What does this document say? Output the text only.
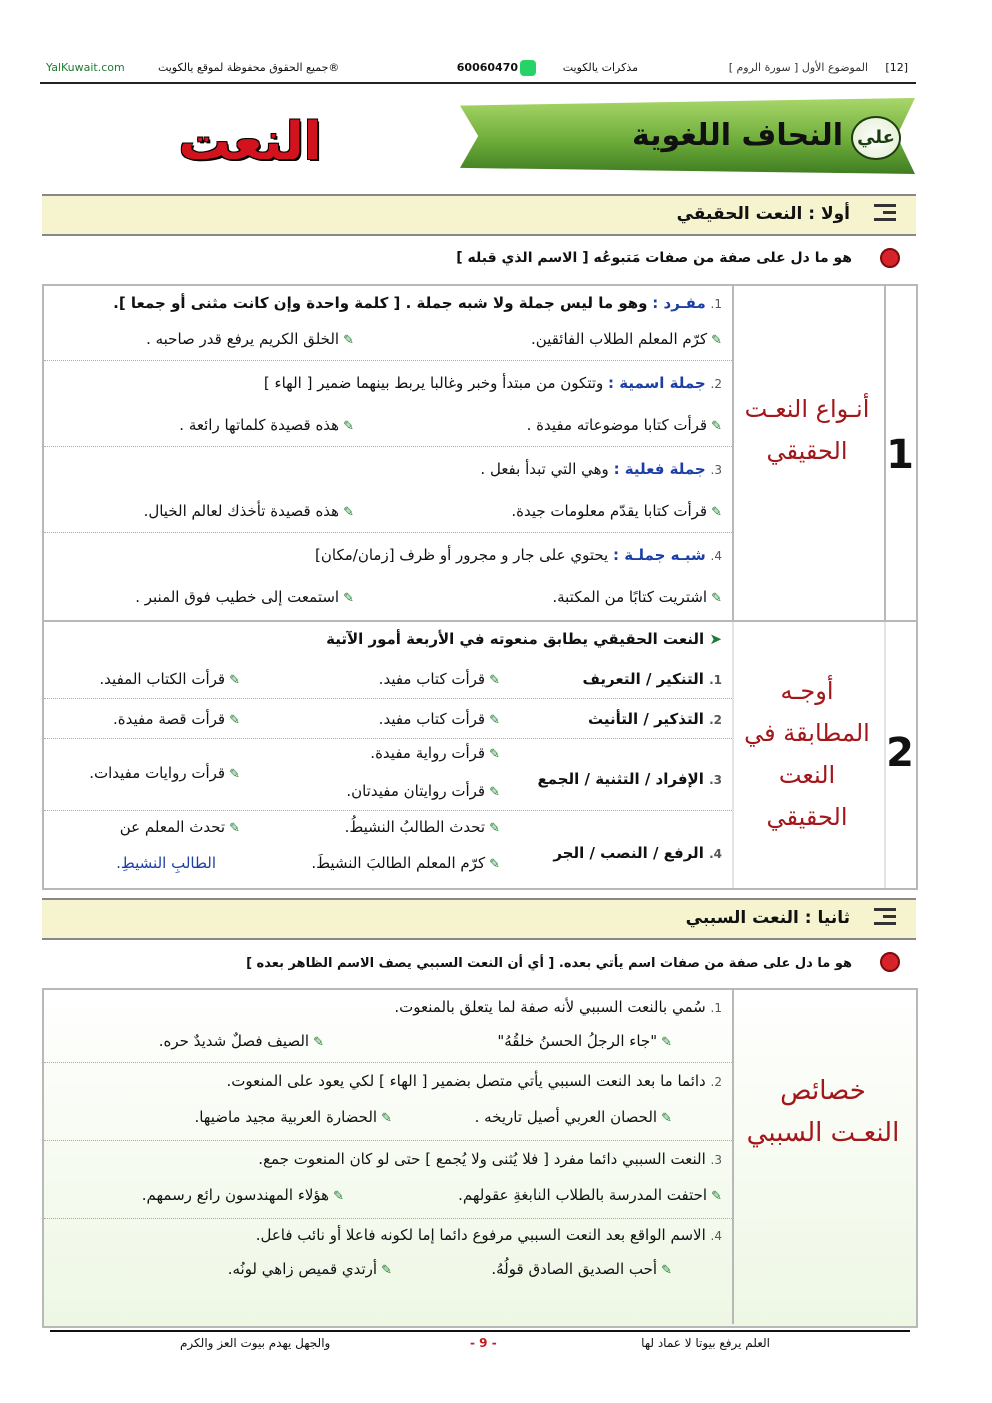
[12]
الموضوع الأول [ سورة الروم ]
مذكرات يالكويت
60060470
®جميع الحقوق محفوظة لموقع يالكويت
YalKuwait.com
النحاف اللغوية علي
النعت
أولا : النعت الحقيقي
هو ما دل على صفة من صفات مَتبوعُه [ الاسم الذي قبله ]
أنـواع النعـت الحقيقي 1
1. مفـرد : وهو ما ليس جملة ولا شبه جملة . [ كلمة واحدة وإن كانت مثنى أو جمعا ].
✎كرّم المعلم الطلاب الفائقين.
✎الخلق الكريم يرفع قدر صاحبه .
2. جملة اسمية : وتتكون من مبتدأ وخبر وغالبا يربط بينهما ضمير [ الهاء ]
✎قرأت كتابا موضوعاته مفيدة .
✎هذه قصيدة كلماتها رائعة .
3. جملة فعلية : وهي التي تبدأ بفعل .
✎قرأت كتابا يقدّم معلومات جيدة.
✎هذه قصيدة تأخذك لعالم الخيال.
4. شبـه جملـة : يحتوي على جار و مجرور أو ظرف [زمان/مكان]
✎اشتريت كتابًا من المكتبة.
✎استمعت إلى خطيب فوق المنبر .
أوجـه المطابقة في النعت الحقيقي
2
➤ النعت الحقيقي يطابق منعوته في الأربعة أمور الآتية
1. التنكير / التعريف
✎قرأت كتاب مفيد.
✎قرأت الكتاب المفيد.
2. التذكير / التأنيث
✎قرأت كتاب مفيد.
✎قرأت قصة مفيدة.
3. الإفراد / التثنية / الجمع
✎قرأت رواية مفيدة.
✎قرأت روايات مفيدات.
✎قرأت روايتان مفيدتان.
4. الرفع / النصب / الجر
✎تحدث الطالبُ النشيطُ.
✎تحدث المعلم عن
✎كرّم المعلم الطالبَ النشيطَ.
الطالبِ النشيطِ.
ثانيا : النعت السببي
هو ما دل على صفة من صفات اسم يأتي بعده. [ أي أن النعت السببي يصف الاسم الظاهر بعده ]
خصائص النعـت السببي
1. سُمي بالنعت السببي لأنه صفة لما يتعلق بالمنعوت.
✎"جاء الرجلُ الحسنُ خلقُهُ"
✎الصيف فصلٌ شديدٌ حره.
2. دائما ما بعد النعت السببي يأتي متصل بضمير [ الهاء ] لكي يعود على المنعوت.
✎الحصان العربي أصيل تاريخه .
✎الحضارة العربية مجيد ماضيها.
3. النعت السببي دائما مفرد [ فلا يُثنى ولا يُجمع ] حتى لو كان المنعوت جمع.
✎احتفت المدرسة بالطلاب النابغةِ عقولهم.
✎هؤلاء المهندسون رائع رسمهم.
4. الاسم الواقع بعد النعت السببي مرفوع دائما إما لكونه فاعلا أو نائب فاعل.
✎أحب الصديق الصادق قولُهُ.
✎أرتدي قميص زاهي لونُه.
العلم يرفع بيوتا لا عماد لها
- 9 -
والجهل يهدم بيوت العز والكرم
